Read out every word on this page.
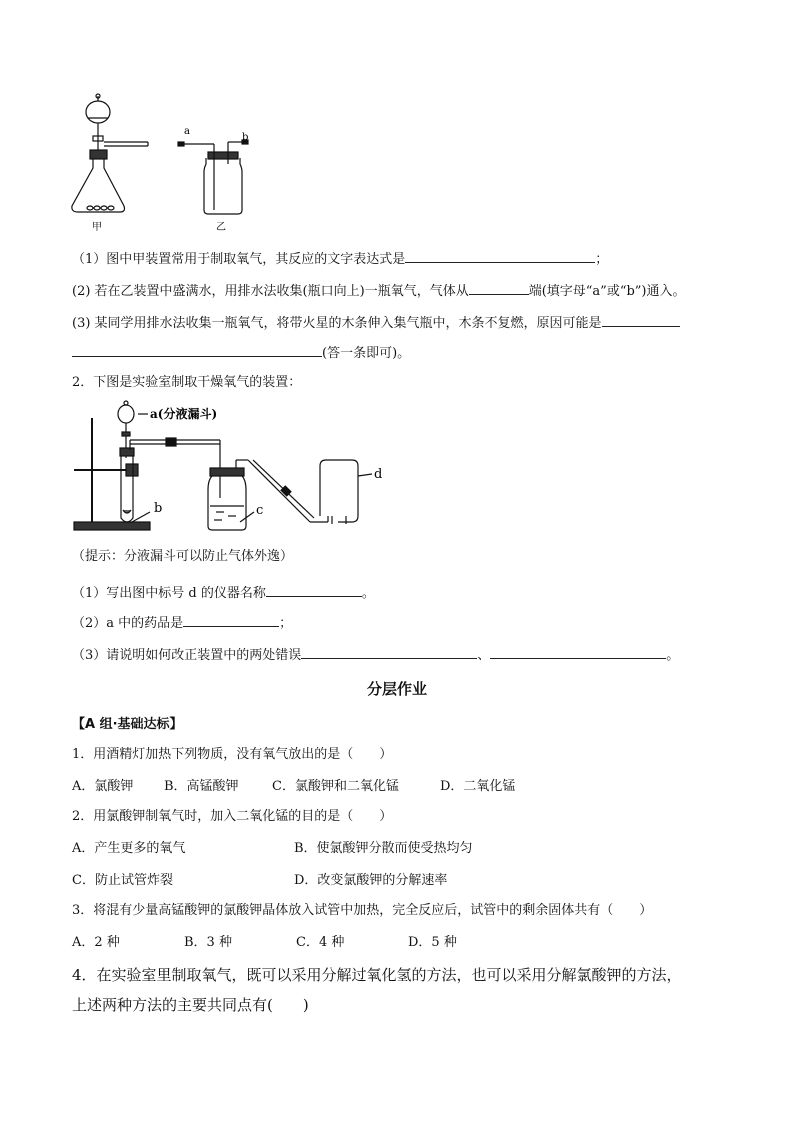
甲
a
b
乙
（1）图中甲装置常用于制取氧气，其反应的文字表达式是	；
(2) 若在乙装置中盛满水，用排水法收集(瓶口向上)一瓶氧气，气体从	端(填字母“a”或“b”)通入。
(3) 某同学用排水法收集一瓶氧气，将带火星的木条伸入集气瓶中，木条不复燃，原因可能是
(答一条即可)。
2．下图是实验室制取干燥氧气的装置：
a(分液漏斗)
b	c
d
（提示：分液漏斗可以防止气体外逸）
（1）写出图中标号 d 的仪器名称	。
（2）a 中的药品是	；
（3）请说明如何改正装置中的两处错误	、	。
分层作业
【A 组·基础达标】
1．用酒精灯加热下列物质，没有氧气放出的是（　　）
A．氯酸钾 B．高锰酸钾	C．氯酸钾和二氧化锰	D．二氧化锰
2．用氯酸钾制氧气时，加入二氧化锰的目的是（　　）
A．产生更多的氧气	B．使氯酸钾分散而使受热均匀
C．防止试管炸裂	D．改变氯酸钾的分解速率
3．将混有少量高锰酸钾的氯酸钾晶体放入试管中加热，完全反应后，试管中的剩余固体共有（　　）
A．2 种	B．3 种	C．4 种	D．5 种
4．在实验室里制取氧气，既可以采用分解过氧化氢的方法，也可以采用分解氯酸钾的方法，
上述两种方法的主要共同点有(　　)
